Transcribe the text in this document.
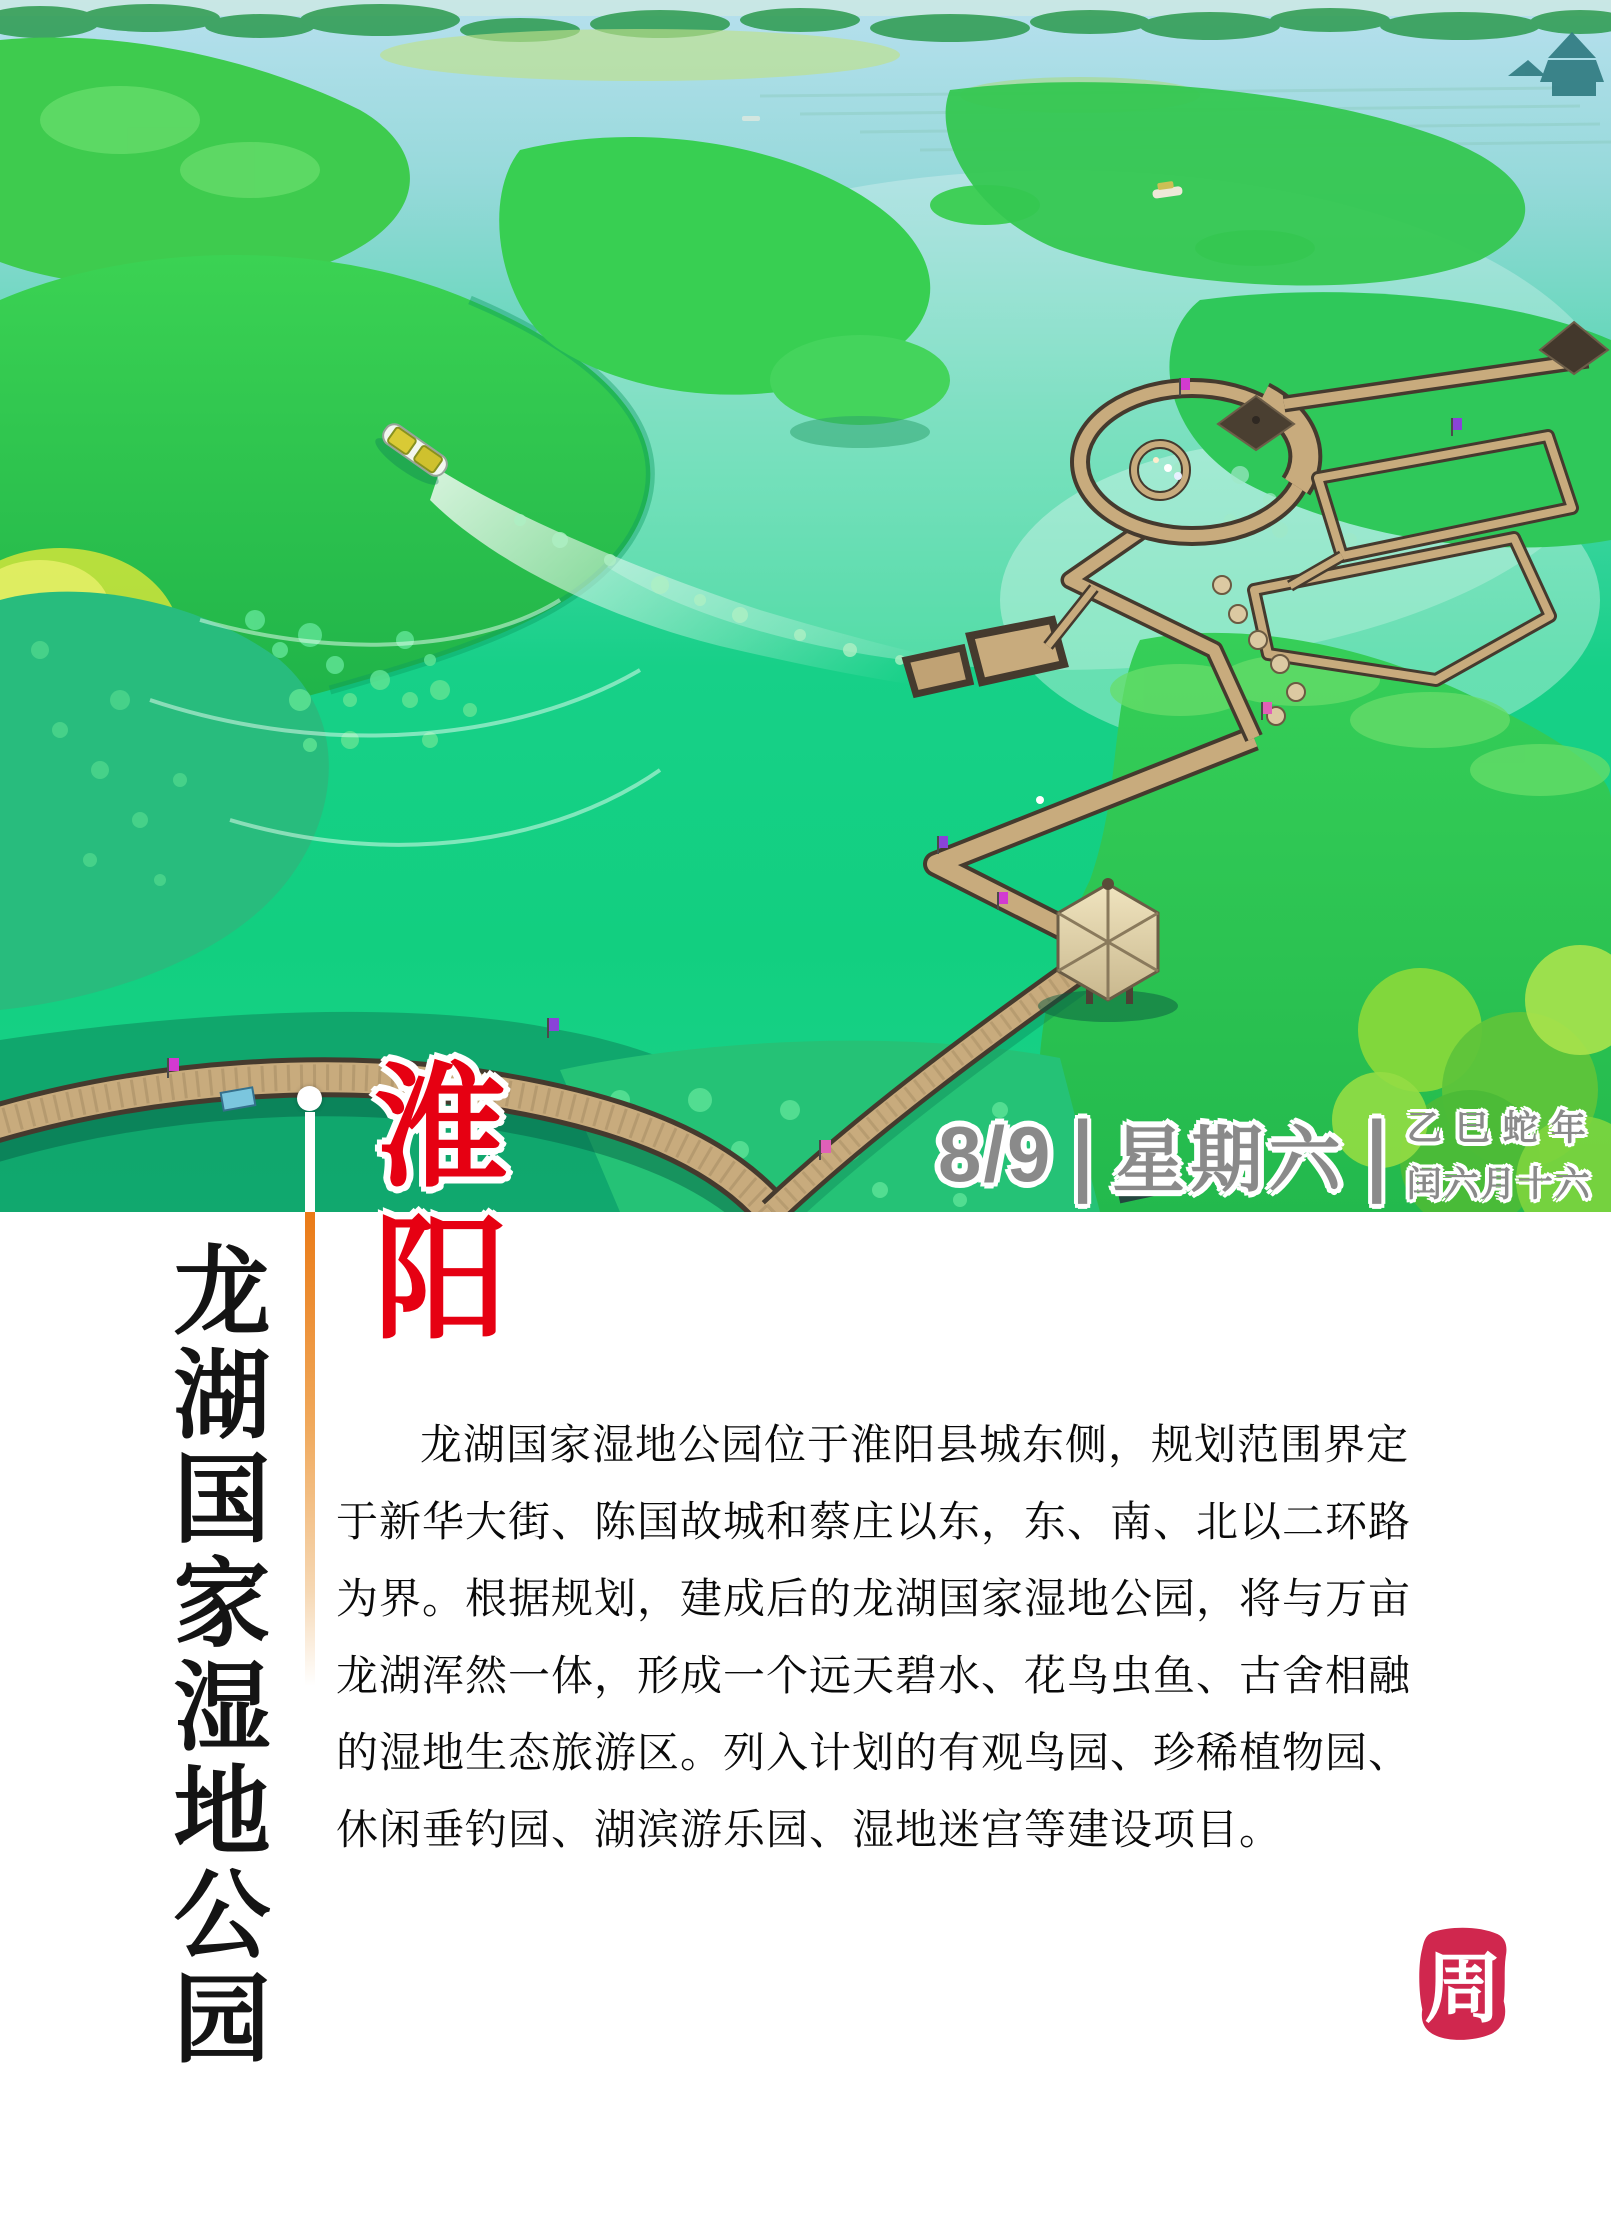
8/9 | 星期六 | 乙巳蛇年
闰六月十六
淮阳
龙湖国家湿地公园	龙湖国家湿地公园位于淮阳县城东侧，规划范围界定
于新华大街、陈国故城和蔡庄以东，东、南、北以二环路
为界。根据规划，建成后的龙湖国家湿地公园，将与万亩
龙湖浑然一体，形成一个远天碧水、花鸟虫鱼、古舍相融
的湿地生态旅游区。列入计划的有观鸟园、珍稀植物园、
休闲垂钓园、湖滨游乐园、湿地迷宫等建设项目。
周
